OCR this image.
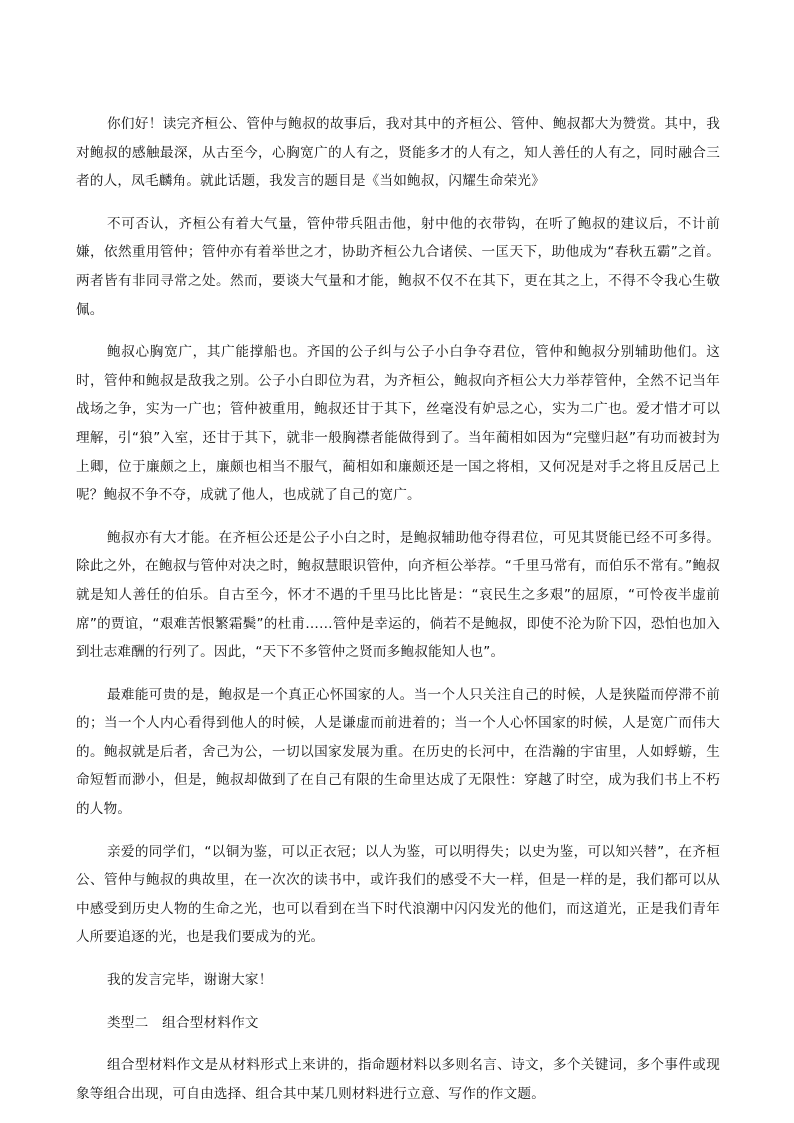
你们好！读完齐桓公、管仲与鲍叔的故事后，我对其中的齐桓公、管仲、鲍叔都大为赞赏。其中，我对鲍叔的感触最深，从古至今，心胸宽广的人有之，贤能多才的人有之，知人善任的人有之，同时融合三者的人，凤毛麟角。就此话题，我发言的题目是《当如鲍叔，闪耀生命荣光》

不可否认，齐桓公有着大气量，管仲带兵阻击他，射中他的衣带钩，在听了鲍叔的建议后，不计前嫌，依然重用管仲；管仲亦有着举世之才，协助齐桓公九合诸侯、一匡天下，助他成为“春秋五霸”之首。两者皆有非同寻常之处。然而，要谈大气量和才能，鲍叔不仅不在其下，更在其之上，不得不令我心生敬佩。

鲍叔心胸宽广，其广能撑船也。齐国的公子纠与公子小白争夺君位，管仲和鲍叔分别辅助他们。这时，管仲和鲍叔是敌我之别。公子小白即位为君，为齐桓公，鲍叔向齐桓公大力举荐管仲，全然不记当年战场之争，实为一广也；管仲被重用，鲍叔还甘于其下，丝毫没有妒忌之心，实为二广也。爱才惜才可以理解，引“狼”入室，还甘于其下，就非一般胸襟者能做得到了。当年蔺相如因为“完璧归赵”有功而被封为上卿，位于廉颇之上，廉颇也相当不服气，蔺相如和廉颇还是一国之将相，又何况是对手之将且反居己上呢？鲍叔不争不夺，成就了他人，也成就了自己的宽广。

鲍叔亦有大才能。在齐桓公还是公子小白之时，是鲍叔辅助他夺得君位，可见其贤能已经不可多得。除此之外，在鲍叔与管仲对决之时，鲍叔慧眼识管仲，向齐桓公举荐。“千里马常有，而伯乐不常有。”鲍叔就是知人善任的伯乐。自古至今，怀才不遇的千里马比比皆是：“哀民生之多艰”的屈原，“可怜夜半虚前席”的贾谊，“艰难苦恨繁霜鬓”的杜甫……管仲是幸运的，倘若不是鲍叔，即使不沦为阶下囚，恐怕也加入到壮志难酬的行列了。因此，“天下不多管仲之贤而多鲍叔能知人也”。

最难能可贵的是，鲍叔是一个真正心怀国家的人。当一个人只关注自己的时候，人是狭隘而停滞不前的；当一个人内心看得到他人的时候，人是谦虚而前进着的；当一个人心怀国家的时候，人是宽广而伟大的。鲍叔就是后者，舍己为公，一切以国家发展为重。在历史的长河中，在浩瀚的宇宙里，人如蜉蝣，生命短暂而渺小，但是，鲍叔却做到了在自己有限的生命里达成了无限性：穿越了时空，成为我们书上不朽的人物。

亲爱的同学们，“以铜为鉴，可以正衣冠；以人为鉴，可以明得失；以史为鉴，可以知兴替”，在齐桓公、管仲与鲍叔的典故里，在一次次的读书中，或许我们的感受不大一样，但是一样的是，我们都可以从中感受到历史人物的生命之光，也可以看到在当下时代浪潮中闪闪发光的他们，而这道光，正是我们青年人所要追逐的光，也是我们要成为的光。

我的发言完毕，谢谢大家！

类型二　组合型材料作文

组合型材料作文是从材料形式上来讲的，指命题材料以多则名言、诗文，多个关键词，多个事件或现象等组合出现，可自由选择、组合其中某几则材料进行立意、写作的作文题。
